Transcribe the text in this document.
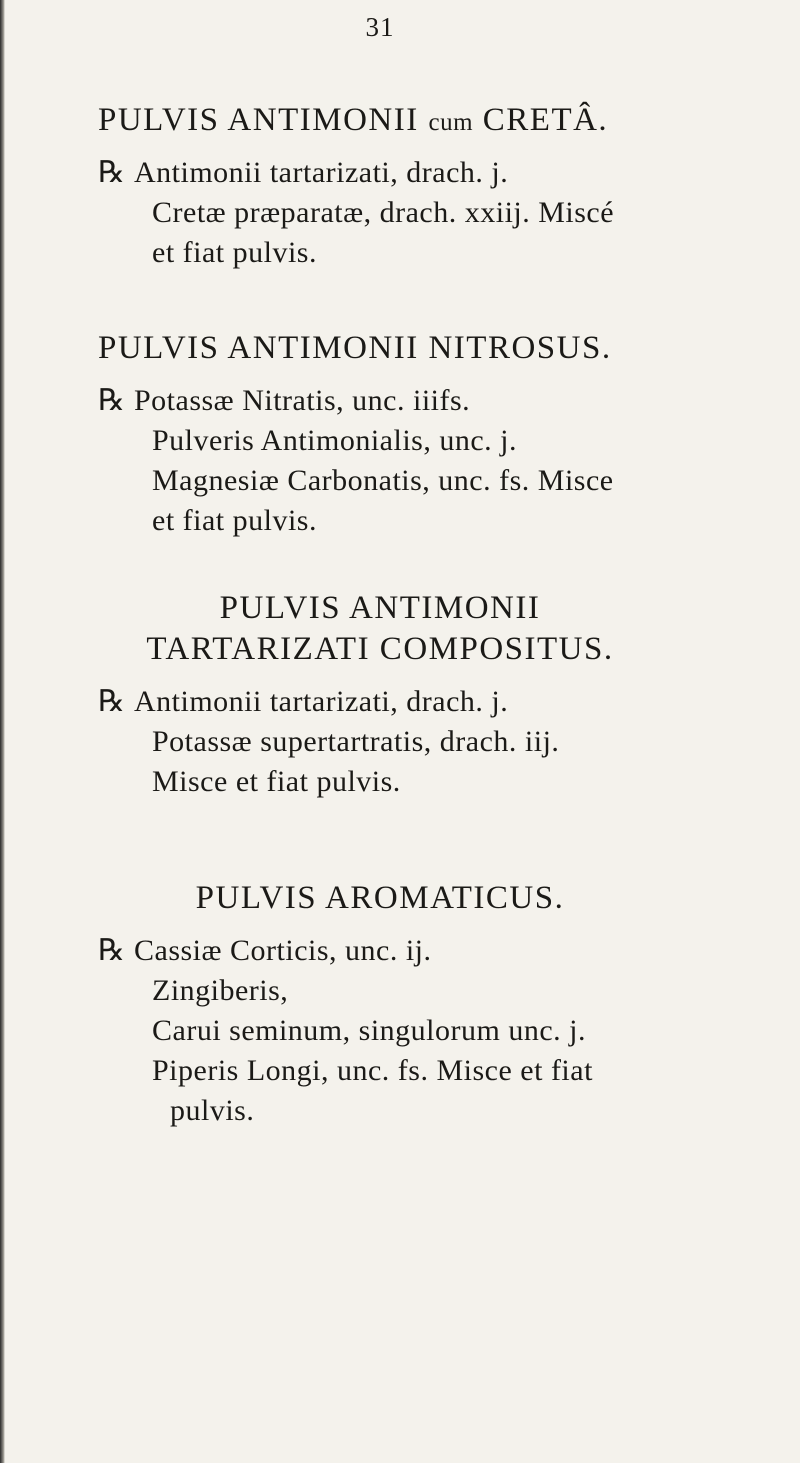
31

PULVIS ANTIMONII cum CRETÂ.

℞ Antimonii tartarizati, drach. j.
Cretæ præparatæ, drach. xxiij. Miscé
et fiat pulvis.

PULVIS ANTIMONII NITROSUS.

℞ Potassæ Nitratis, unc. iiifs.
Pulveris Antimonialis, unc. j.
Magnesiæ Carbonatis, unc. fs. Misce
et fiat pulvis.

PULVIS ANTIMONII

TARTARIZATI COMPOSITUS.

℞ Antimonii tartarizati, drach. j.
Potassæ supertartratis, drach. iij.
Misce et fiat pulvis.

PULVIS AROMATICUS.

℞ Cassiæ Corticis, unc. ij.
Zingiberis,
Carui seminum, singulorum unc. j.
Piperis Longi, unc. fs. Misce et fiat
pulvis.
